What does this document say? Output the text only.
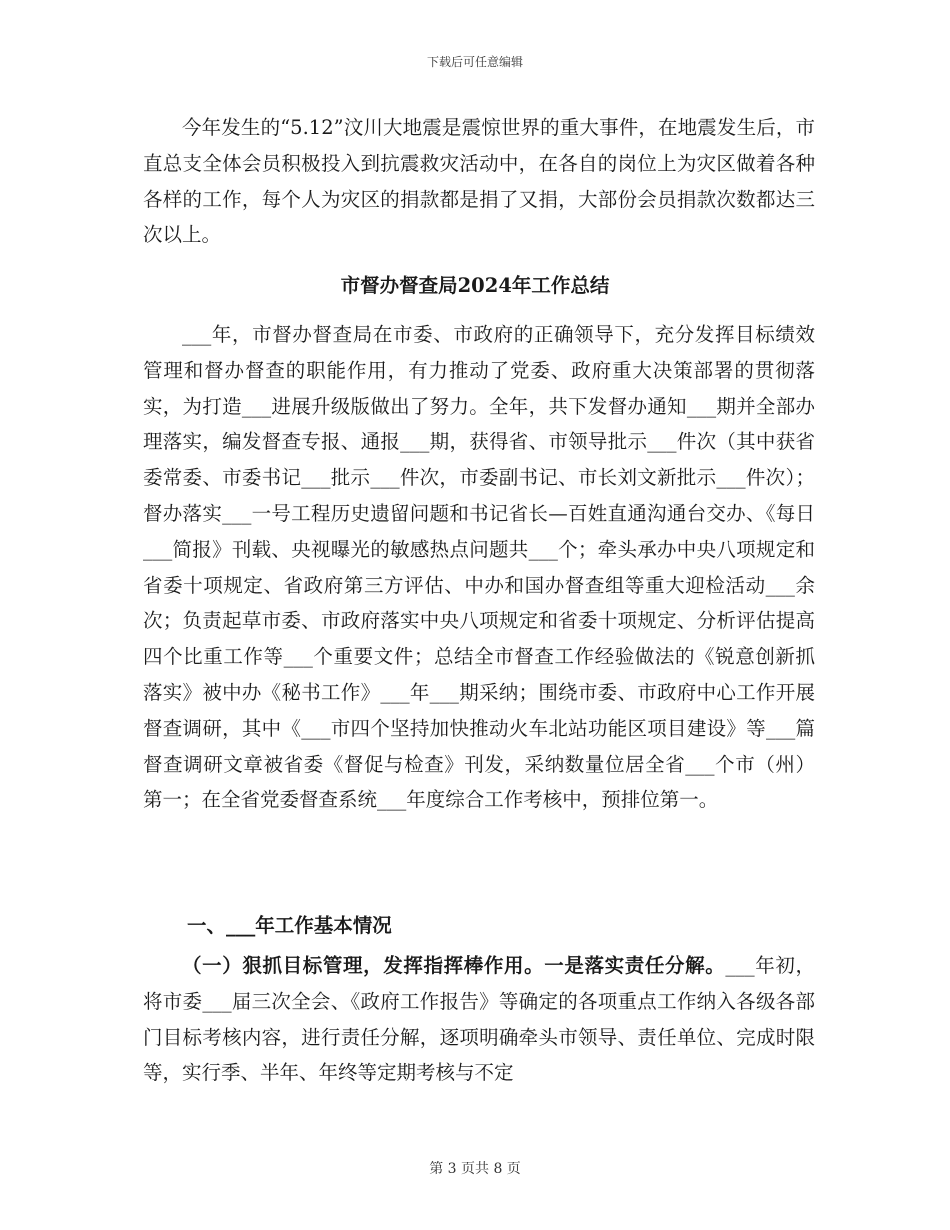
下载后可任意编辑

今年发生的“5.12”汶川大地震是震惊世界的重大事件，在地震发生后，市直总支全体会员积极投入到抗震救灾活动中，在各自的岗位上为灾区做着各种各样的工作，每个人为灾区的捐款都是捐了又捐，大部份会员捐款次数都达三次以上。

市督办督查局2024年工作总结

___年，市督办督查局在市委、市政府的正确领导下，充分发挥目标绩效管理和督办督查的职能作用，有力推动了党委、政府重大决策部署的贯彻落实，为打造___进展升级版做出了努力。全年，共下发督办通知___期并全部办理落实，编发督查专报、通报___期，获得省、市领导批示___件次（其中获省委常委、市委书记___批示___件次，市委副书记、市长刘文新批示___件次）；督办落实___一号工程历史遗留问题和书记省长—百姓直通沟通台交办、《每日___简报》刊载、央视曝光的敏感热点问题共___个；牵头承办中央八项规定和省委十项规定、省政府第三方评估、中办和国办督查组等重大迎检活动___余次；负责起草市委、市政府落实中央八项规定和省委十项规定、分析评估提高四个比重工作等___个重要文件；总结全市督查工作经验做法的《锐意创新抓落实》被中办《秘书工作》___年___期采纳；围绕市委、市政府中心工作开展督查调研，其中《___市四个坚持加快推动火车北站功能区项目建设》等___篇督查调研文章被省委《督促与检查》刊发，采纳数量位居全省___个市（州）第一；在全省党委督查系统___年度综合工作考核中，预排位第一。

一、___年工作基本情况

（一）狠抓目标管理，发挥指挥棒作用。一是落实责任分解。___年初，将市委___届三次全会、《政府工作报告》等确定的各项重点工作纳入各级各部门目标考核内容，进行责任分解，逐项明确牵头市领导、责任单位、完成时限等，实行季、半年、年终等定期考核与不定

第 3 页共 8 页
